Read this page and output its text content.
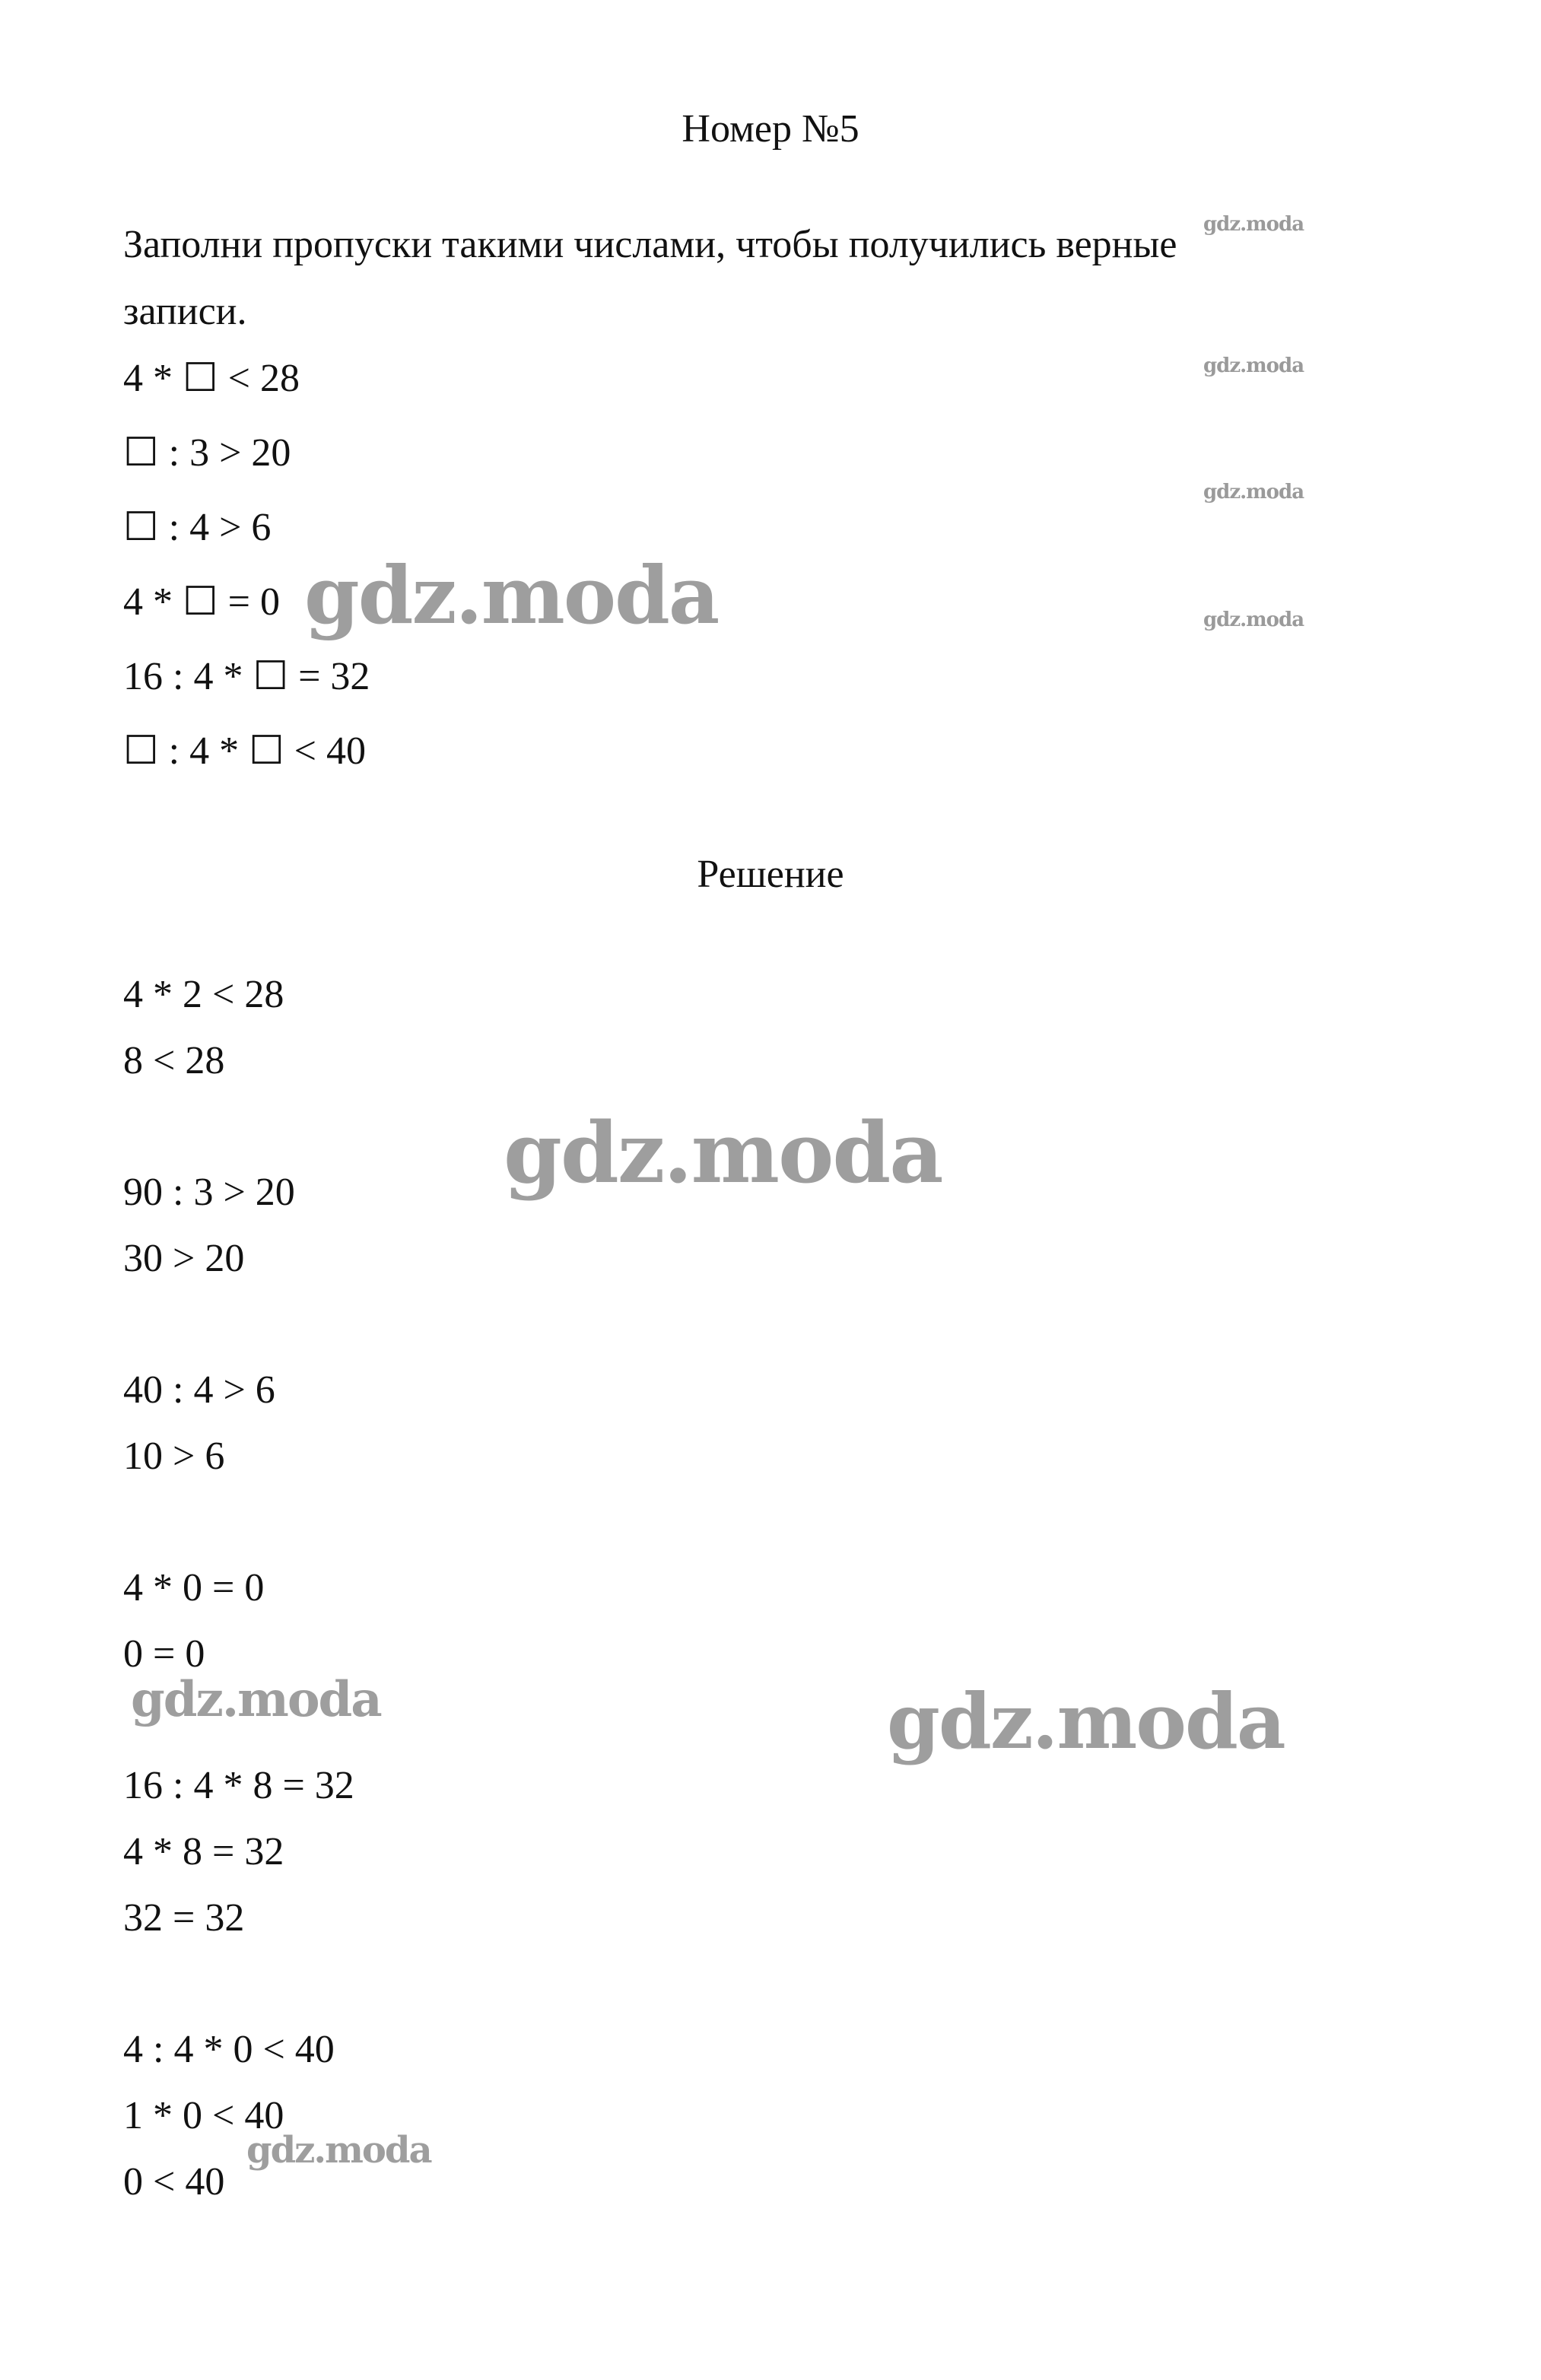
Номер №5
Заполни пропуски такими числами, чтобы получились верные
записи.
4 * ☐ < 28
☐ : 3 > 20
☐ : 4 > 6
4 * ☐ = 0
16 : 4 * ☐ = 32
☐ : 4 * ☐ < 40
Решение
4 * 2 < 28
8 < 28
90 : 3 > 20
30 > 20
40 : 4 > 6
10 > 6
4 * 0 = 0
0 = 0
16 : 4 * 8 = 32
4 * 8 = 32
32 = 32
4 : 4 * 0 < 40
1 * 0 < 40
0 < 40
gdz.moda
gdz.moda
gdz.moda
gdz.moda
gdz.moda
gdz.moda
gdz.moda	gdz.moda
gdz.moda
